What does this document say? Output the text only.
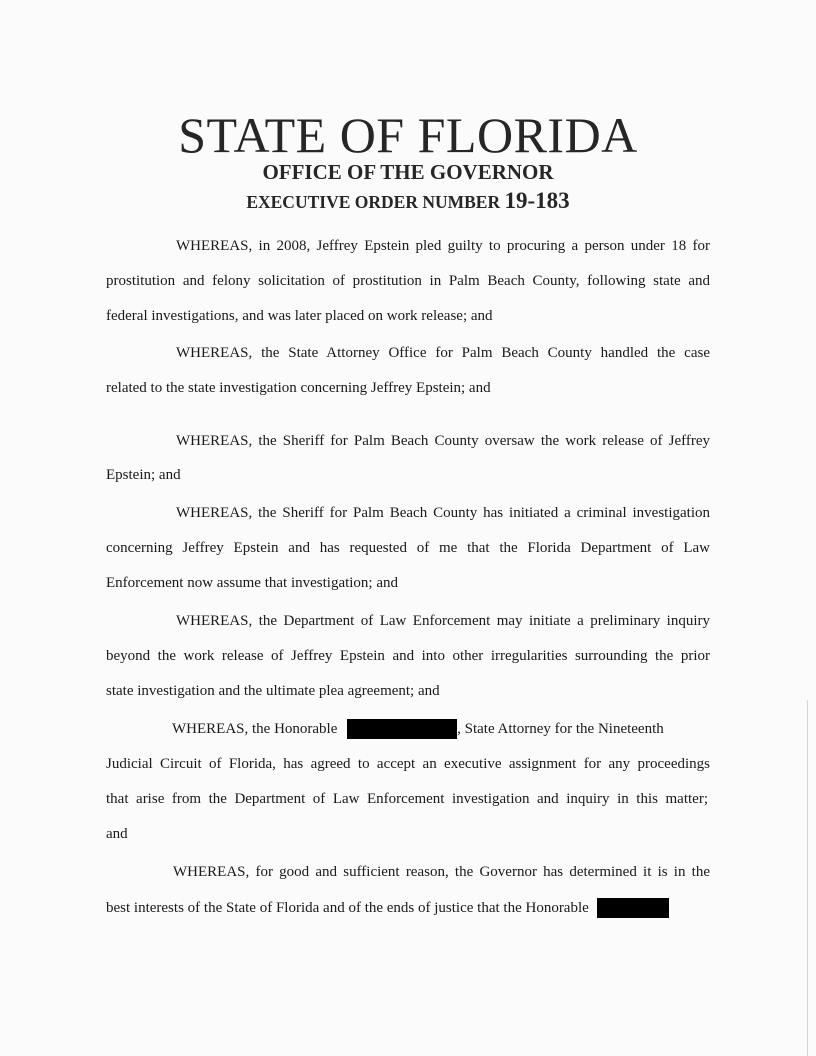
STATE OF FLORIDA
OFFICE OF THE GOVERNOR
EXECUTIVE ORDER NUMBER 19-183
WHEREAS, in 2008, Jeffrey Epstein pled guilty to procuring a person under 18 for
prostitution and felony solicitation of prostitution in Palm Beach County, following state and
federal investigations, and was later placed on work release; and
WHEREAS, the State Attorney Office for Palm Beach County handled the case
related to the state investigation concerning Jeffrey Epstein; and
WHEREAS, the Sheriff for Palm Beach County oversaw the work release of Jeffrey
Epstein; and
WHEREAS, the Sheriff for Palm Beach County has initiated a criminal investigation
concerning Jeffrey Epstein and has requested of me that the Florida Department of Law
Enforcement now assume that investigation; and
WHEREAS, the Department of Law Enforcement may initiate a preliminary inquiry
beyond the work release of Jeffrey Epstein and into other irregularities surrounding the prior
state investigation and the ultimate plea agreement; and
WHEREAS, the Honorable	, State Attorney for the Nineteenth
Judicial Circuit of Florida, has agreed to accept an executive assignment for any proceedings
that arise from the Department of Law Enforcement investigation and inquiry in this matter;
and
WHEREAS, for good and sufficient reason, the Governor has determined it is in the
best interests of the State of Florida and of the ends of justice that the Honorable
